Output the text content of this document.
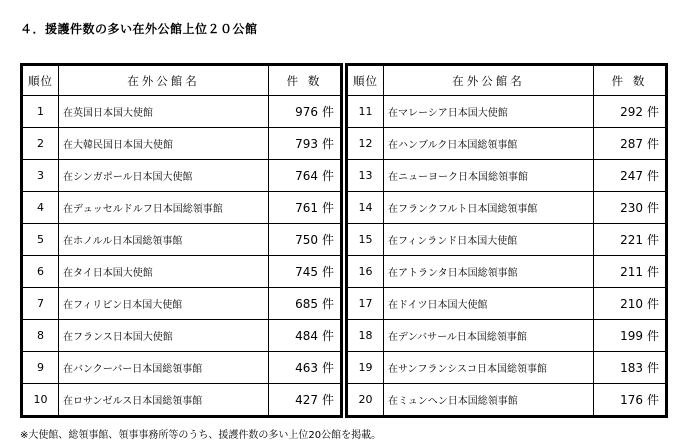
４．援護件数の多い在外公館上位２０公館
順位	在外公館名	件 数
1	在英国日本国大使館	976 件
2	在大韓民国日本国大使館	793 件
3	在シンガポール日本国大使館	764 件
4	在デュッセルドルフ日本国総領事館	761 件
5	在ホノルル日本国総領事館	750 件
6	在タイ日本国大使館	745 件
7	在フィリピン日本国大使館	685 件
8	在フランス日本国大使館	484 件
9	在バンクーバー日本国総領事館	463 件
10	在ロサンゼルス日本国総領事館	427 件
順位	在外公館名	件 数
11	在マレーシア日本国大使館	292 件
12	在ハンブルク日本国総領事館	287 件
13	在ニューヨーク日本国総領事館	247 件
14	在フランクフルト日本国総領事館	230 件
15	在フィンランド日本国大使館	221 件
16	在アトランタ日本国総領事館	211 件
17	在ドイツ日本国大使館	210 件
18	在デンバサール日本国総領事館	199 件
19	在サンフランシスコ日本国総領事館	183 件
20	在ミュンヘン日本国総領事館	176 件
※大使館、総領事館、領事事務所等のうち、援護件数の多い上位20公館を掲載。
